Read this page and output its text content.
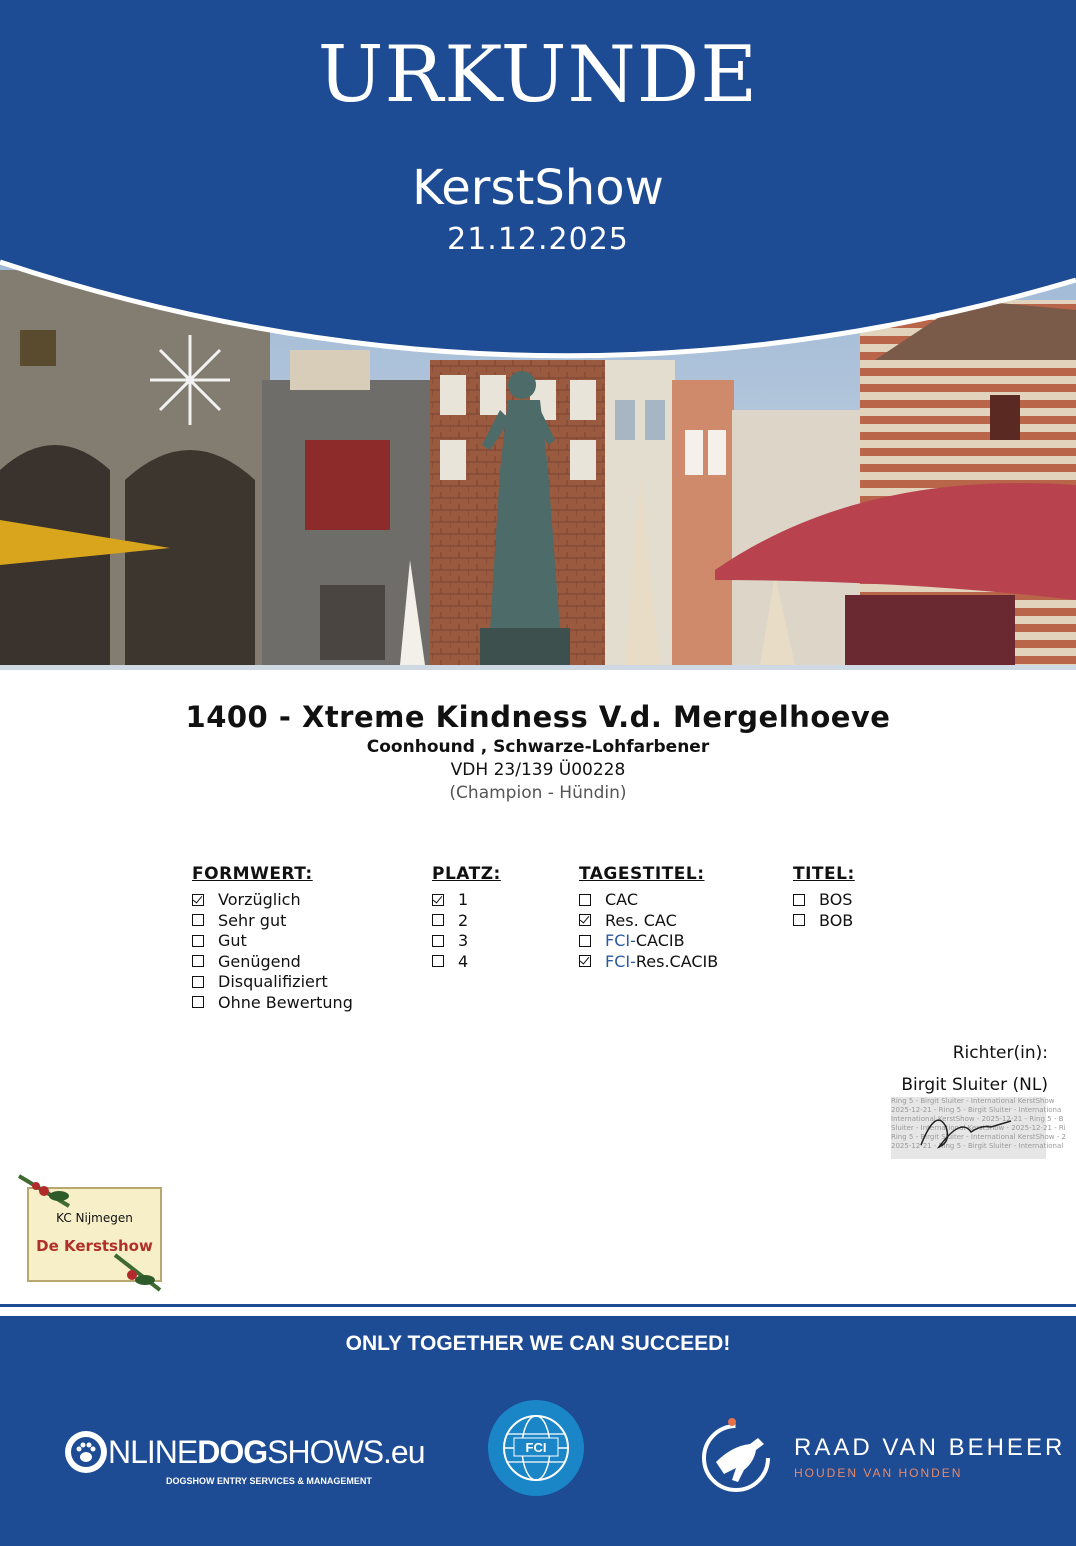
URKUNDE
KerstShow
21.12.2025
1400 - Xtreme Kindness V.d. Mergelhoeve
Coonhound , Schwarze-Lohfarbener
VDH 23/139 Ü00228
(Champion - Hündin)
FORMWERT:
Vorzüglich
Sehr gut
Gut
Genügend
Disqualifiziert
Ohne Bewertung
PLATZ:
1
2
3
4
TAGESTITEL:
CAC
Res. CAC
FCI-CACIB
FCI-Res.CACIB
TITEL:
BOS
BOB
Richter(in):
Birgit Sluiter (NL)
Ring 5 - Birgit Sluiter - International KerstShow
2025-12-21 - Ring 5 - Birgit Sluiter - Internationa
International KerstShow - 2025-12-21 - Ring 5 - B
Sluiter - International KerstShow - 2025-12-21 - Ri
Ring 5 - Birgit Sluiter - International KerstShow - 2
2025-12-21 - Ring 5 - Birgit Sluiter - International
KC Nijmegen
De Kerstshow
ONLY TOGETHER WE CAN SUCCEED!
NLINEDOGSHOWS.eu
DOGSHOW ENTRY SERVICES & MANAGEMENT
FCI	RAAD VAN BEHEER
HOUDEN VAN HONDEN
